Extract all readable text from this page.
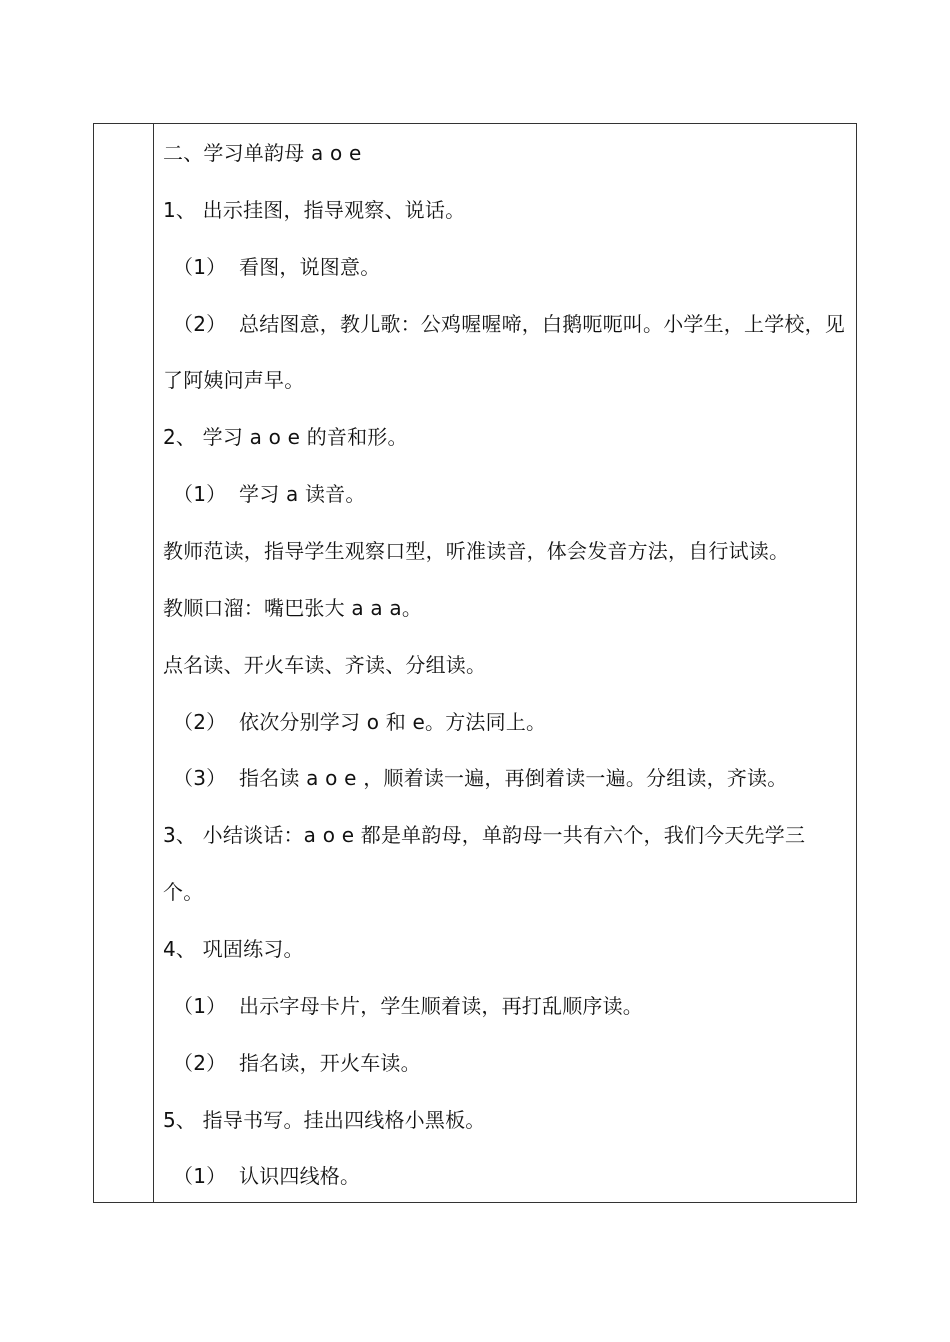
二、学习单韵母 a o e
1、 出示挂图，指导观察、说话。
（1） 看图，说图意。
（2） 总结图意，教儿歌：公鸡喔喔啼，白鹅呃呃叫。小学生，上学校，见
了阿姨问声早。
2、 学习 a o e 的音和形。
（1） 学习 a 读音。
教师范读，指导学生观察口型，听准读音，体会发音方法，自行试读。
教顺口溜：嘴巴张大 a a a。
点名读、开火车读、齐读、分组读。
（2） 依次分别学习 o 和 e。方法同上。
（3） 指名读 a o e ，顺着读一遍，再倒着读一遍。分组读，齐读。
3、 小结谈话：a o e 都是单韵母，单韵母一共有六个，我们今天先学三
个。
4、 巩固练习。
（1） 出示字母卡片，学生顺着读，再打乱顺序读。
（2） 指名读，开火车读。
5、 指导书写。挂出四线格小黑板。
（1） 认识四线格。
